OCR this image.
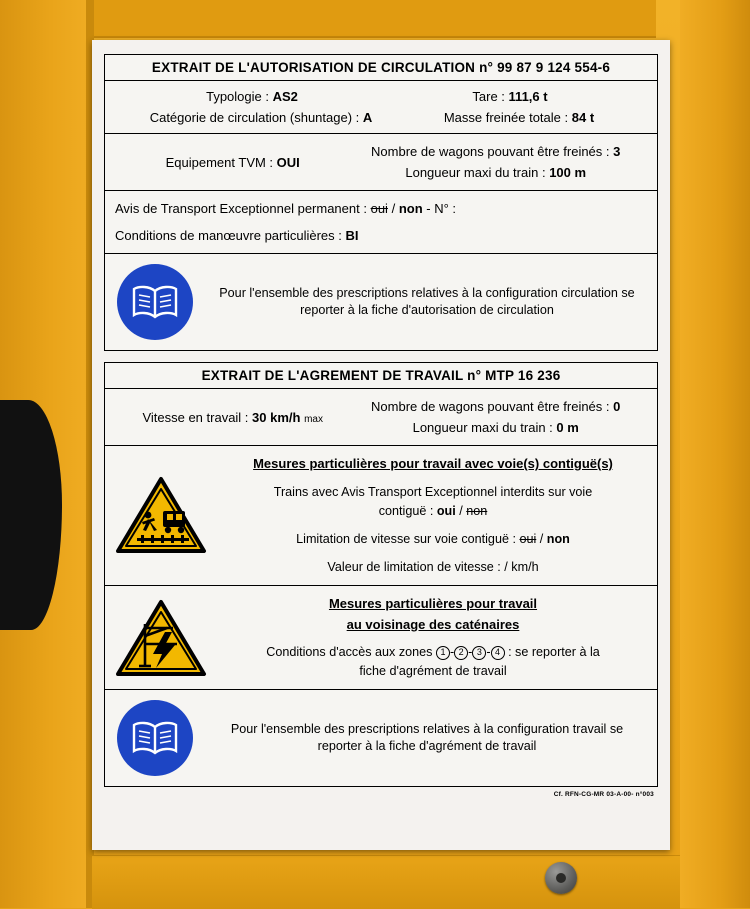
EXTRAIT DE L'AUTORISATION DE CIRCULATION n° 99 87 9 124 554-6
Typologie : AS2	Tare : 111,6 t
Catégorie de circulation (shuntage) : A	Masse freinée totale : 84 t
Equipement TVM : OUI
Nombre de wagons pouvant être freinés : 3
Longueur maxi du train : 100 m
Avis de Transport Exceptionnel permanent : oui / non - N° :
Conditions de manœuvre particulières : BI
Pour l'ensemble des prescriptions relatives à la configuration circulation se reporter à la fiche d'autorisation de circulation
EXTRAIT DE L'AGREMENT DE TRAVAIL n° MTP 16 236
Vitesse en travail : 30 km/h max
Nombre de wagons pouvant être freinés : 0
Longueur maxi du train : 0 m
Mesures particulières pour travail avec voie(s) contiguë(s)
Trains avec Avis Transport Exceptionnel interdits sur voie
contiguë : oui / non
Limitation de vitesse sur voie contiguë : oui / non
Valeur de limitation de vitesse : / km/h
Mesures particulières pour travail
au voisinage des caténaires
Conditions d'accès aux zones 1 - 2 - 3 - 4 : se reporter à la
fiche d'agrément de travail
Pour l'ensemble des prescriptions relatives à la configuration travail se reporter à la fiche d'agrément de travail
Cf. RFN-CG-MR 03-A-00- n°003
